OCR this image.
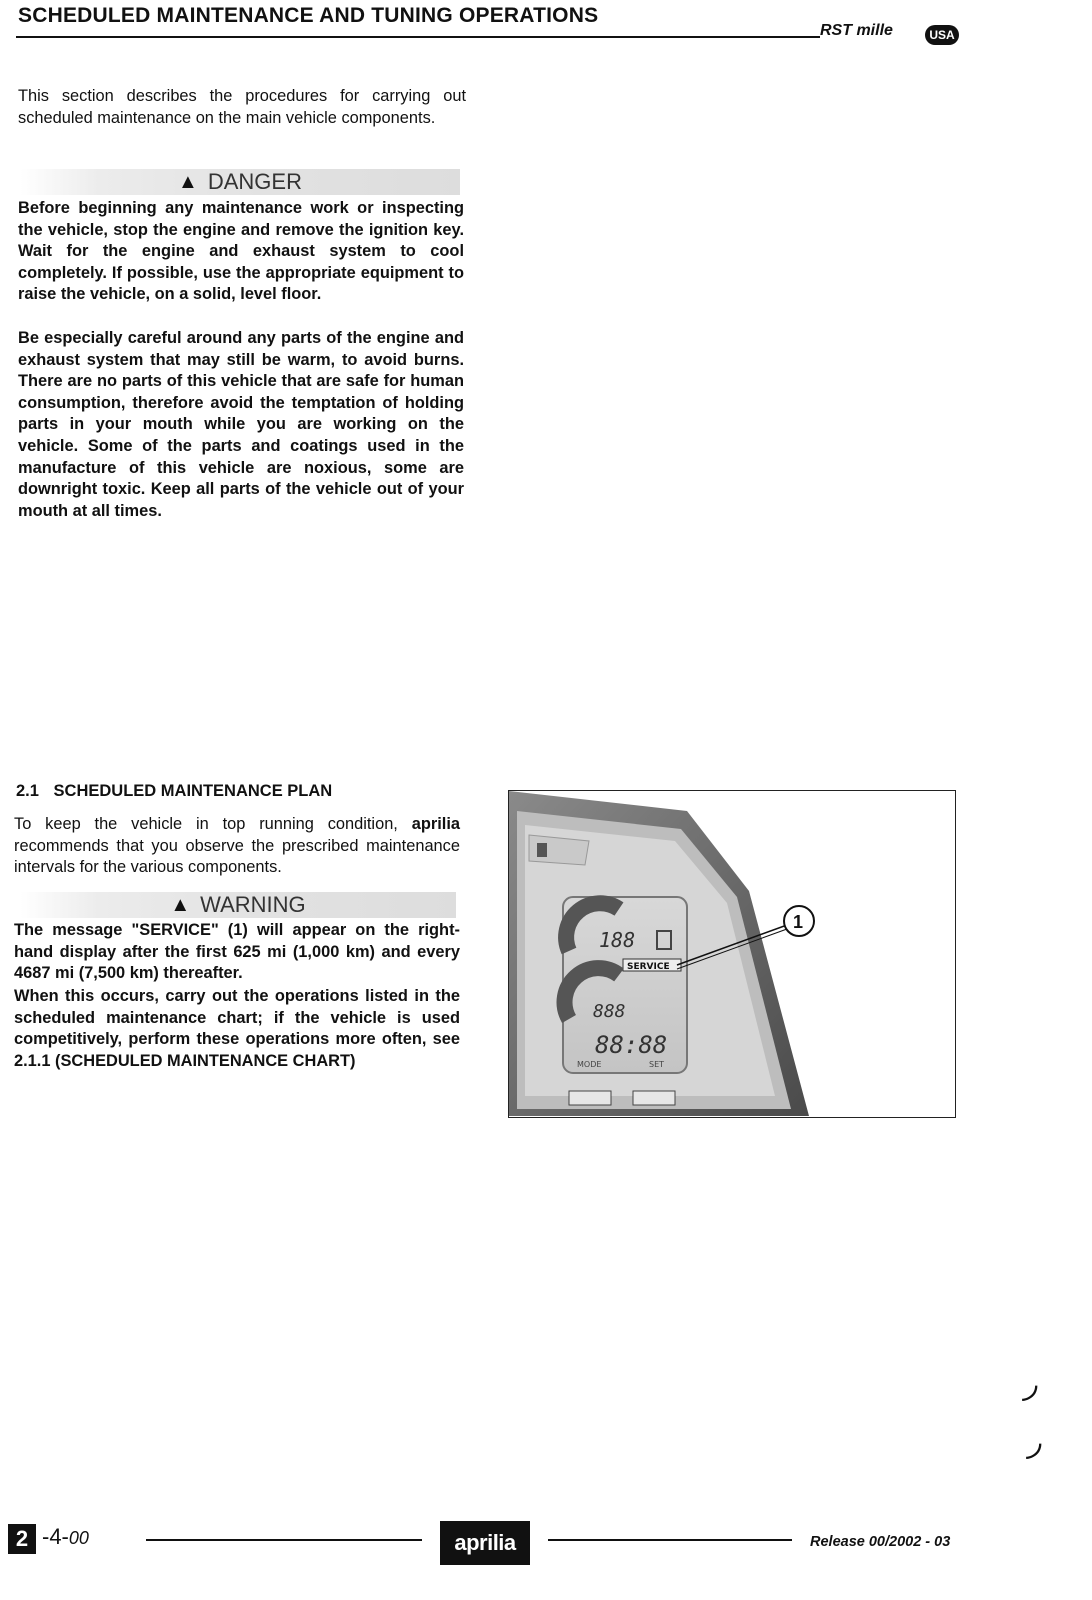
SCHEDULED MAINTENANCE AND TUNING OPERATIONS
RST mille	USA
This section describes the procedures for carrying out scheduled maintenance on the main vehicle components.
▲ DANGER
Before beginning any maintenance work or inspecting the vehicle, stop the engine and remove the ignition key. Wait for the engine and exhaust system to cool completely. If possible, use the appropriate equipment to raise the vehicle, on a solid, level floor.
Be especially careful around any parts of the engine and exhaust system that may still be warm, to avoid burns. There are no parts of this vehicle that are safe for human consumption, therefore avoid the temptation of holding parts in your mouth while you are working on the vehicle. Some of the parts and coatings used in the manufacture of this vehicle are noxious, some are downright toxic. Keep all parts of the vehicle out of your mouth at all times.
2.1 SCHEDULED MAINTENANCE PLAN
To keep the vehicle in top running condition, aprilia recommends that you observe the prescribed maintenance intervals for the various components.
▲ WARNING
The message "SERVICE" (1) will appear on the right-hand display after the first 625 mi (1,000 km) and every 4687 mi (7,500 km) thereafter.
When this occurs, carry out the operations listed in the scheduled maintenance chart; if the vehicle is used competitively, perform these operations more often, see 2.1.1 (SCHEDULED MAINTENANCE CHART)
188
SERVICE
888
88:88
MODE	SET
1
◞
◞
2 -4-00	aprilia	Release 00/2002 - 03
